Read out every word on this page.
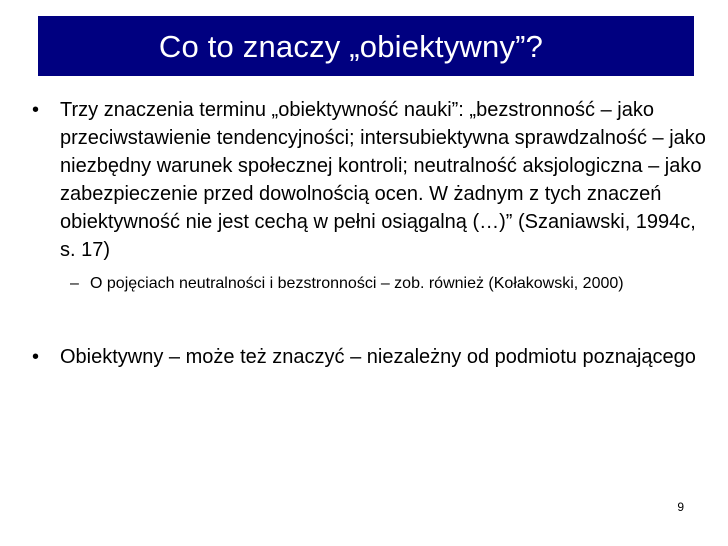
Co to znaczy „obiektywny”?
• Trzy znaczenia terminu „obiektywność nauki”: „bezstronność – jako przeciwstawienie tendencyjności; intersubiektywna sprawdzalność – jako niezbędny warunek społecznej kontroli; neutralność aksjologiczna – jako zabezpieczenie przed dowolnością ocen. W żadnym z tych znaczeń obiektywność nie jest cechą w pełni osiągalną (…)” (Szaniawski, 1994c, s. 17)
– O pojęciach neutralności i bezstronności – zob. również (Kołakowski, 2000)
• Obiektywny – może też znaczyć – niezależny od podmiotu poznającego
9
